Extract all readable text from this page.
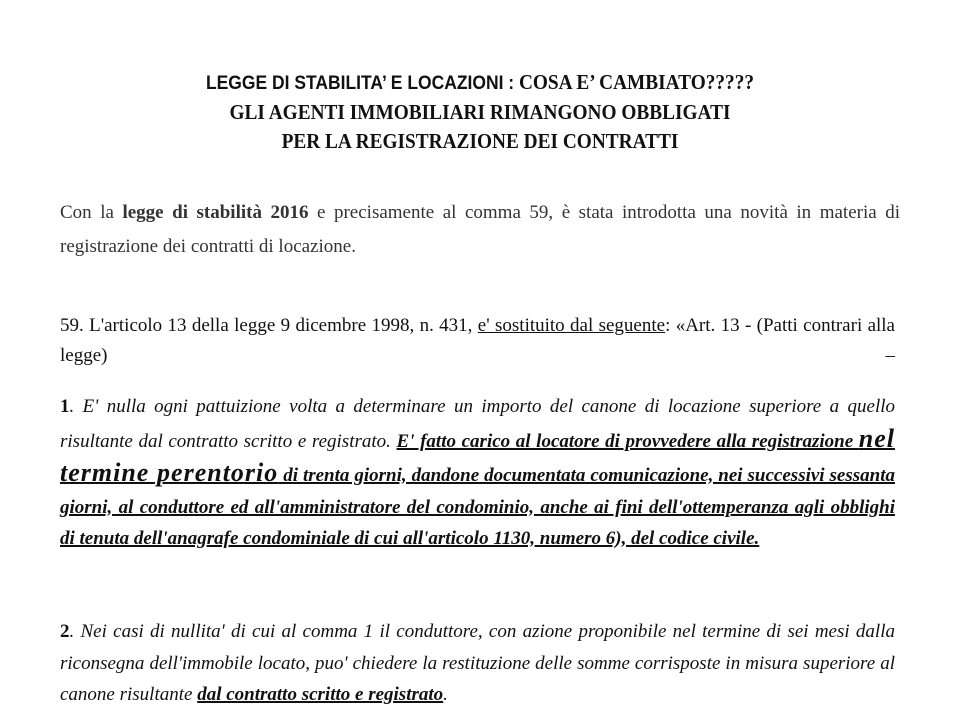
LEGGE DI STABILITA’ E LOCAZIONI : COSA E’ CAMBIATO?????
GLI AGENTI IMMOBILIARI RIMANGONO OBBLIGATI
PER LA REGISTRAZIONE DEI CONTRATTI
Con la legge di stabilità 2016 e precisamente al comma 59, è stata introdotta una novità in materia di registrazione dei contratti di locazione.
59. L'articolo 13 della legge 9 dicembre 1998, n. 431, e' sostituito dal seguente: «Art. 13 - (Patti contrari alla legge) –
1. E' nulla ogni pattuizione volta a determinare un importo del canone di locazione superiore a quello risultante dal contratto scritto e registrato. E' fatto carico al locatore di provvedere alla registrazione nel termine perentorio di trenta giorni, dandone documentata comunicazione, nei successivi sessanta giorni, al conduttore ed all'amministratore del condominio, anche ai fini dell'ottemperanza agli obblighi di tenuta dell'anagrafe condominiale di cui all'articolo 1130, numero 6), del codice civile.
2. Nei casi di nullita' di cui al comma 1 il conduttore, con azione proponibile nel termine di sei mesi dalla riconsegna dell'immobile locato, puo' chiedere la restituzione delle somme corrisposte in misura superiore al canone risultante dal contratto scritto e registrato.
